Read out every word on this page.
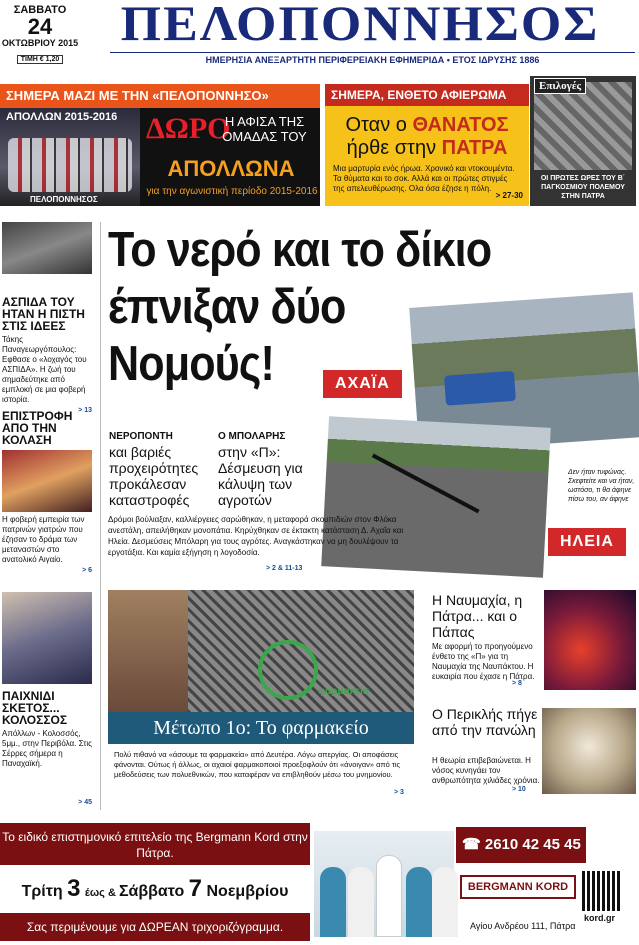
ΣΑΒΒΑΤΟ
24
ΟΚΤΩΒΡΙΟΥ 2015
ΤΙΜΗ € 1,20
ΠΕΛΟΠΟΝΝΗΣΟΣ
ΗΜΕΡΗΣΙΑ ΑΝΕΞΑΡΤΗΤΗ ΠΕΡΙΦΕΡΕΙΑΚΗ ΕΦΗΜΕΡΙΔΑ • ΕΤΟΣ ΙΔΡΥΣΗΣ 1886
ΣΗΜΕΡΑ ΜΑΖΙ ΜΕ ΤΗΝ «ΠΕΛΟΠΟΝΝΗΣΟ»
ΑΠΟΛΛΩΝ 2015-2016
ΠΕΛΟΠΟΝΝΗΣΟΣ
ΔΩΡΟ
Η ΑΦΙΣΑ ΤΗΣ ΟΜΑΔΑΣ ΤΟΥ
ΑΠΟΛΛΩΝΑ
για την αγωνιστική περίοδο 2015-2016
ΣΗΜΕΡΑ, ΕΝΘΕΤΟ ΑΦΙΕΡΩΜΑ
Οταν ο ΘΑΝΑΤΟΣ
ήρθε στην ΠΑΤΡΑ
Μια μαρτυρία ενός ήρωα. Χρονικό και ντοκουμέντα. Τα θύματα και το σοκ. Αλλά και οι πρώτες στιγμές της απελευθέρωσης. Ολα όσα έζησε η πόλη.
> 27-30
Επιλογές
ΟΙ ΠΡΩΤΕΣ ΩΡΕΣ ΤΟΥ Β΄ ΠΑΓΚΟΣΜΙΟΥ ΠΟΛΕΜΟΥ ΣΤΗΝ ΠΑΤΡΑ
ΑΣΠΙΔΑ ΤΟΥ ΗΤΑΝ Η ΠΙΣΤΗ ΣΤΙΣ ΙΔΕΕΣ
Τάκης Παναγεωργόπουλος: Εφθασε ο «λοχαγός του ΑΣΠΙΔΑ». Η ζωή του σημαδεύτηκε από εμπλοκή σε μια φοβερή ιστορία.
> 13
ΕΠΙΣΤΡΟΦΗ ΑΠΟ ΤΗΝ ΚΟΛΑΣΗ
Η φοβερή εμπειρία των πατρινών γιατρών που έζησαν το δράμα των μεταναστών στο ανατολικό Αιγαίο.
> 6
ΠΑΙΧΝΙΔΙ ΣΚΕΤΟΣ... ΚΟΛΟΣΣΟΣ
Απόλλων - Κολοσσός, 5μμ., στην Περιβόλα. Στις Σέρρες σήμερα η Παναχαϊκή.
> 45
Το νερό και το δίκιο έπνιξαν δύο Νομούς!	ΑΧΑΪΑ
Δεν ήταν τυφώνας. Σκεφτείτε και να ήταν, ωστόσο, τι θα άφηνε πίσω του, αν άφηνε
ΗΛΕΙΑ
ΝΕΡΟΠΟΝΤΗ
και βαριές προχειρότητες προκάλεσαν καταστροφές
Ο ΜΠΟΛΑΡΗΣ
στην «Π»: Δέσμευση για κάλυψη των αγροτών
Δρόμοι βούλιαξαν, καλλιέργειες σαρώθηκαν, η μεταφορά σκουπιδιών στον Φλόκα ανεστάλη, απειλήθηκαν μονοπάτια. Κηρύχθηκαν σε έκτακτη κατάσταση Δ. Αχαΐα και Ηλεία. Δεσμεύσεις Μπόλαρη για τους αγρότες. Αναγκάστηκαν να μη δουλέψουν τα εργοτάξια. Και καμία εξήγηση η λογοδοσία.
> 2 & 11-13
φαρμακεία
Μέτωπο 1ο: Το φαρμακείο
Πολύ πιθανό να «άσουμε τα φαρμακεία» από Δευτέρα. Λόγω απεργίας. Οι αποφάσεις φάνονται. Ούτως ή άλλως, οι αχαιοί φαρμακοποιοί προεξοφλούν ότι «άνοιγαν» από τις μεθοδεύσεις των πολυεθνικών, που καταφέραν να επιβληθούν μέσω του μνημονίου.
> 3
Η Ναυμαχία, η Πάτρα... και ο Πάπας
Με αφορμή το προηγούμενο ένθετο της «Π» για τη Ναυμαχία της Ναυπάκτου. Η ευκαιρία που έχασε η Πάτρα.
> 8
Ο Περικλής πήγε από την πανώλη
Η θεωρία επιβεβαιώνεται. Η νόσος κυνηγάει τον ανθρωπότητα χιλιάδες χρόνια.
> 10
Το ειδικό επιστημονικό επιτελείο της Bergmann Kord στην Πάτρα.
Τρίτη 3 έως & Σάββατο 7 Νοεμβρίου
Σας περιμένουμε για ΔΩΡΕΑΝ τριχοριζόγραμμα.
☎ 2610 42 45 45
BERGMANN KORD
kord.gr
Αγίου Ανδρέου 111, Πάτρα
